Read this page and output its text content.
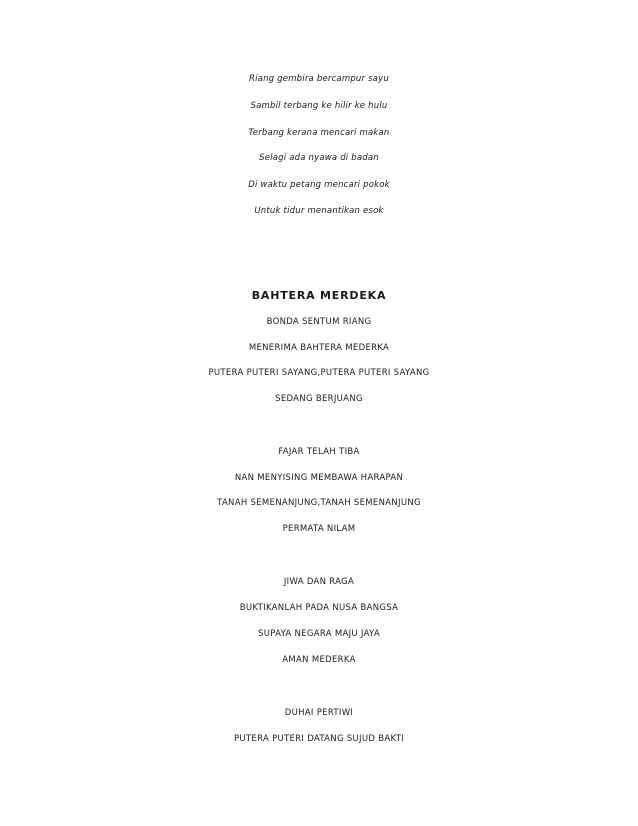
Riang gembira bercampur sayu
Sambil terbang ke hilir ke hulu
Terbang kerana mencari makan
Selagi ada nyawa di badan
Di waktu petang mencari pokok
Untuk tidur menantikan esok
BAHTERA MERDEKA
BONDA SENTUM RIANG
MENERIMA BAHTERA MEDERKA
PUTERA PUTERI SAYANG,PUTERA PUTERI SAYANG
SEDANG BERJUANG
FAJAR TELAH TIBA
NAN MENYISING MEMBAWA HARAPAN
TANAH SEMENANJUNG,TANAH SEMENANJUNG
PERMATA NILAM
JIWA DAN RAGA
BUKTIKANLAH PADA NUSA BANGSA
SUPAYA NEGARA MAJU JAYA
AMAN MEDERKA
DUHAI PERTIWI
PUTERA PUTERI DATANG SUJUD BAKTI
